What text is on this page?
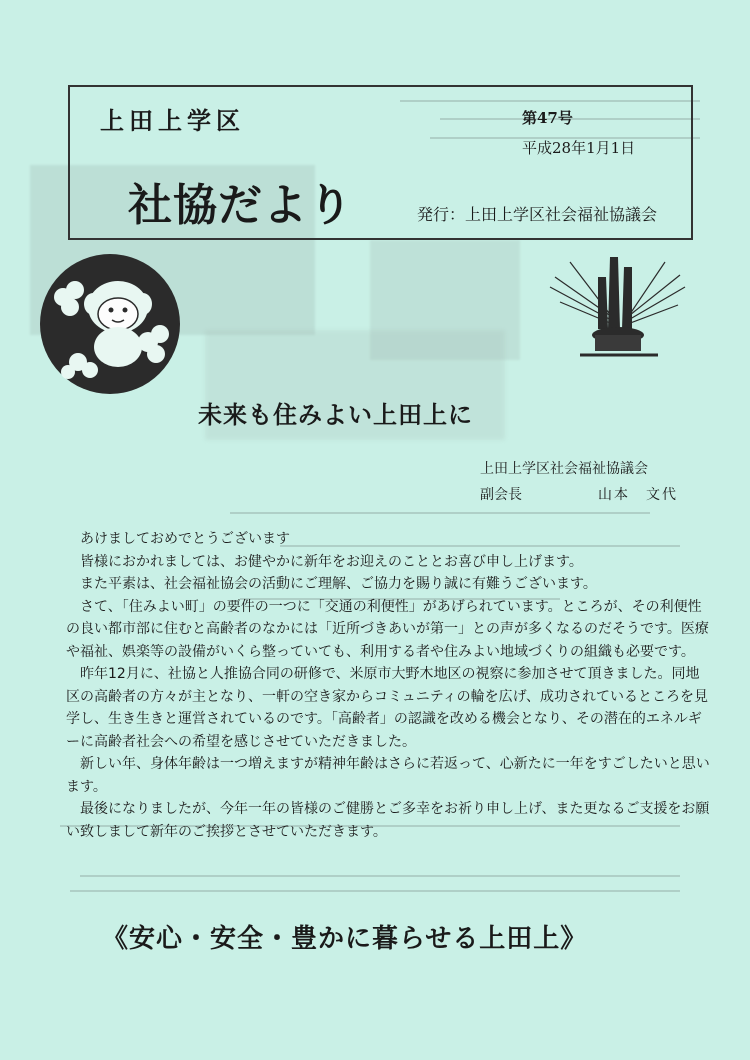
上田上学区	第47号
平成28年1月1日
社協だより	発行：上田上学区社会福祉協議会
未来も住みよい上田上に
上田上学区社会福祉協議会
副会長	山本　文代

あけましておめでとうございます

皆様におかれましては、お健やかに新年をお迎えのこととお喜び申し上げます。

また平素は、社会福祉協会の活動にご理解、ご協力を賜り誠に有難うございます。

さて、「住みよい町」の要件の一つに「交通の利便性」があげられています。ところが、その利便性の良い都市部に住むと高齢者のなかには「近所づきあいが第一」との声が多くなるのだそうです。医療や福祉、娯楽等の設備がいくら整っていても、利用する者や住みよい地域づくりの組織も必要です。

昨年12月に、社協と人推協合同の研修で、米原市大野木地区の視察に参加させて頂きました。同地区の高齢者の方々が主となり、一軒の空き家からコミュニティの輪を広げ、成功されているところを見学し、生き生きと運営されているのです。「高齢者」の認識を改める機会となり、その潜在的エネルギーに高齢者社会への希望を感じさせていただきました。

新しい年、身体年齢は一つ増えますが精神年齢はさらに若返って、心新たに一年をすごしたいと思います。

最後になりましたが、今年一年の皆様のご健勝とご多幸をお祈り申し上げ、また更なるご支援をお願い致しまして新年のご挨拶とさせていただきます。

《安心・安全・豊かに暮らせる上田上》
